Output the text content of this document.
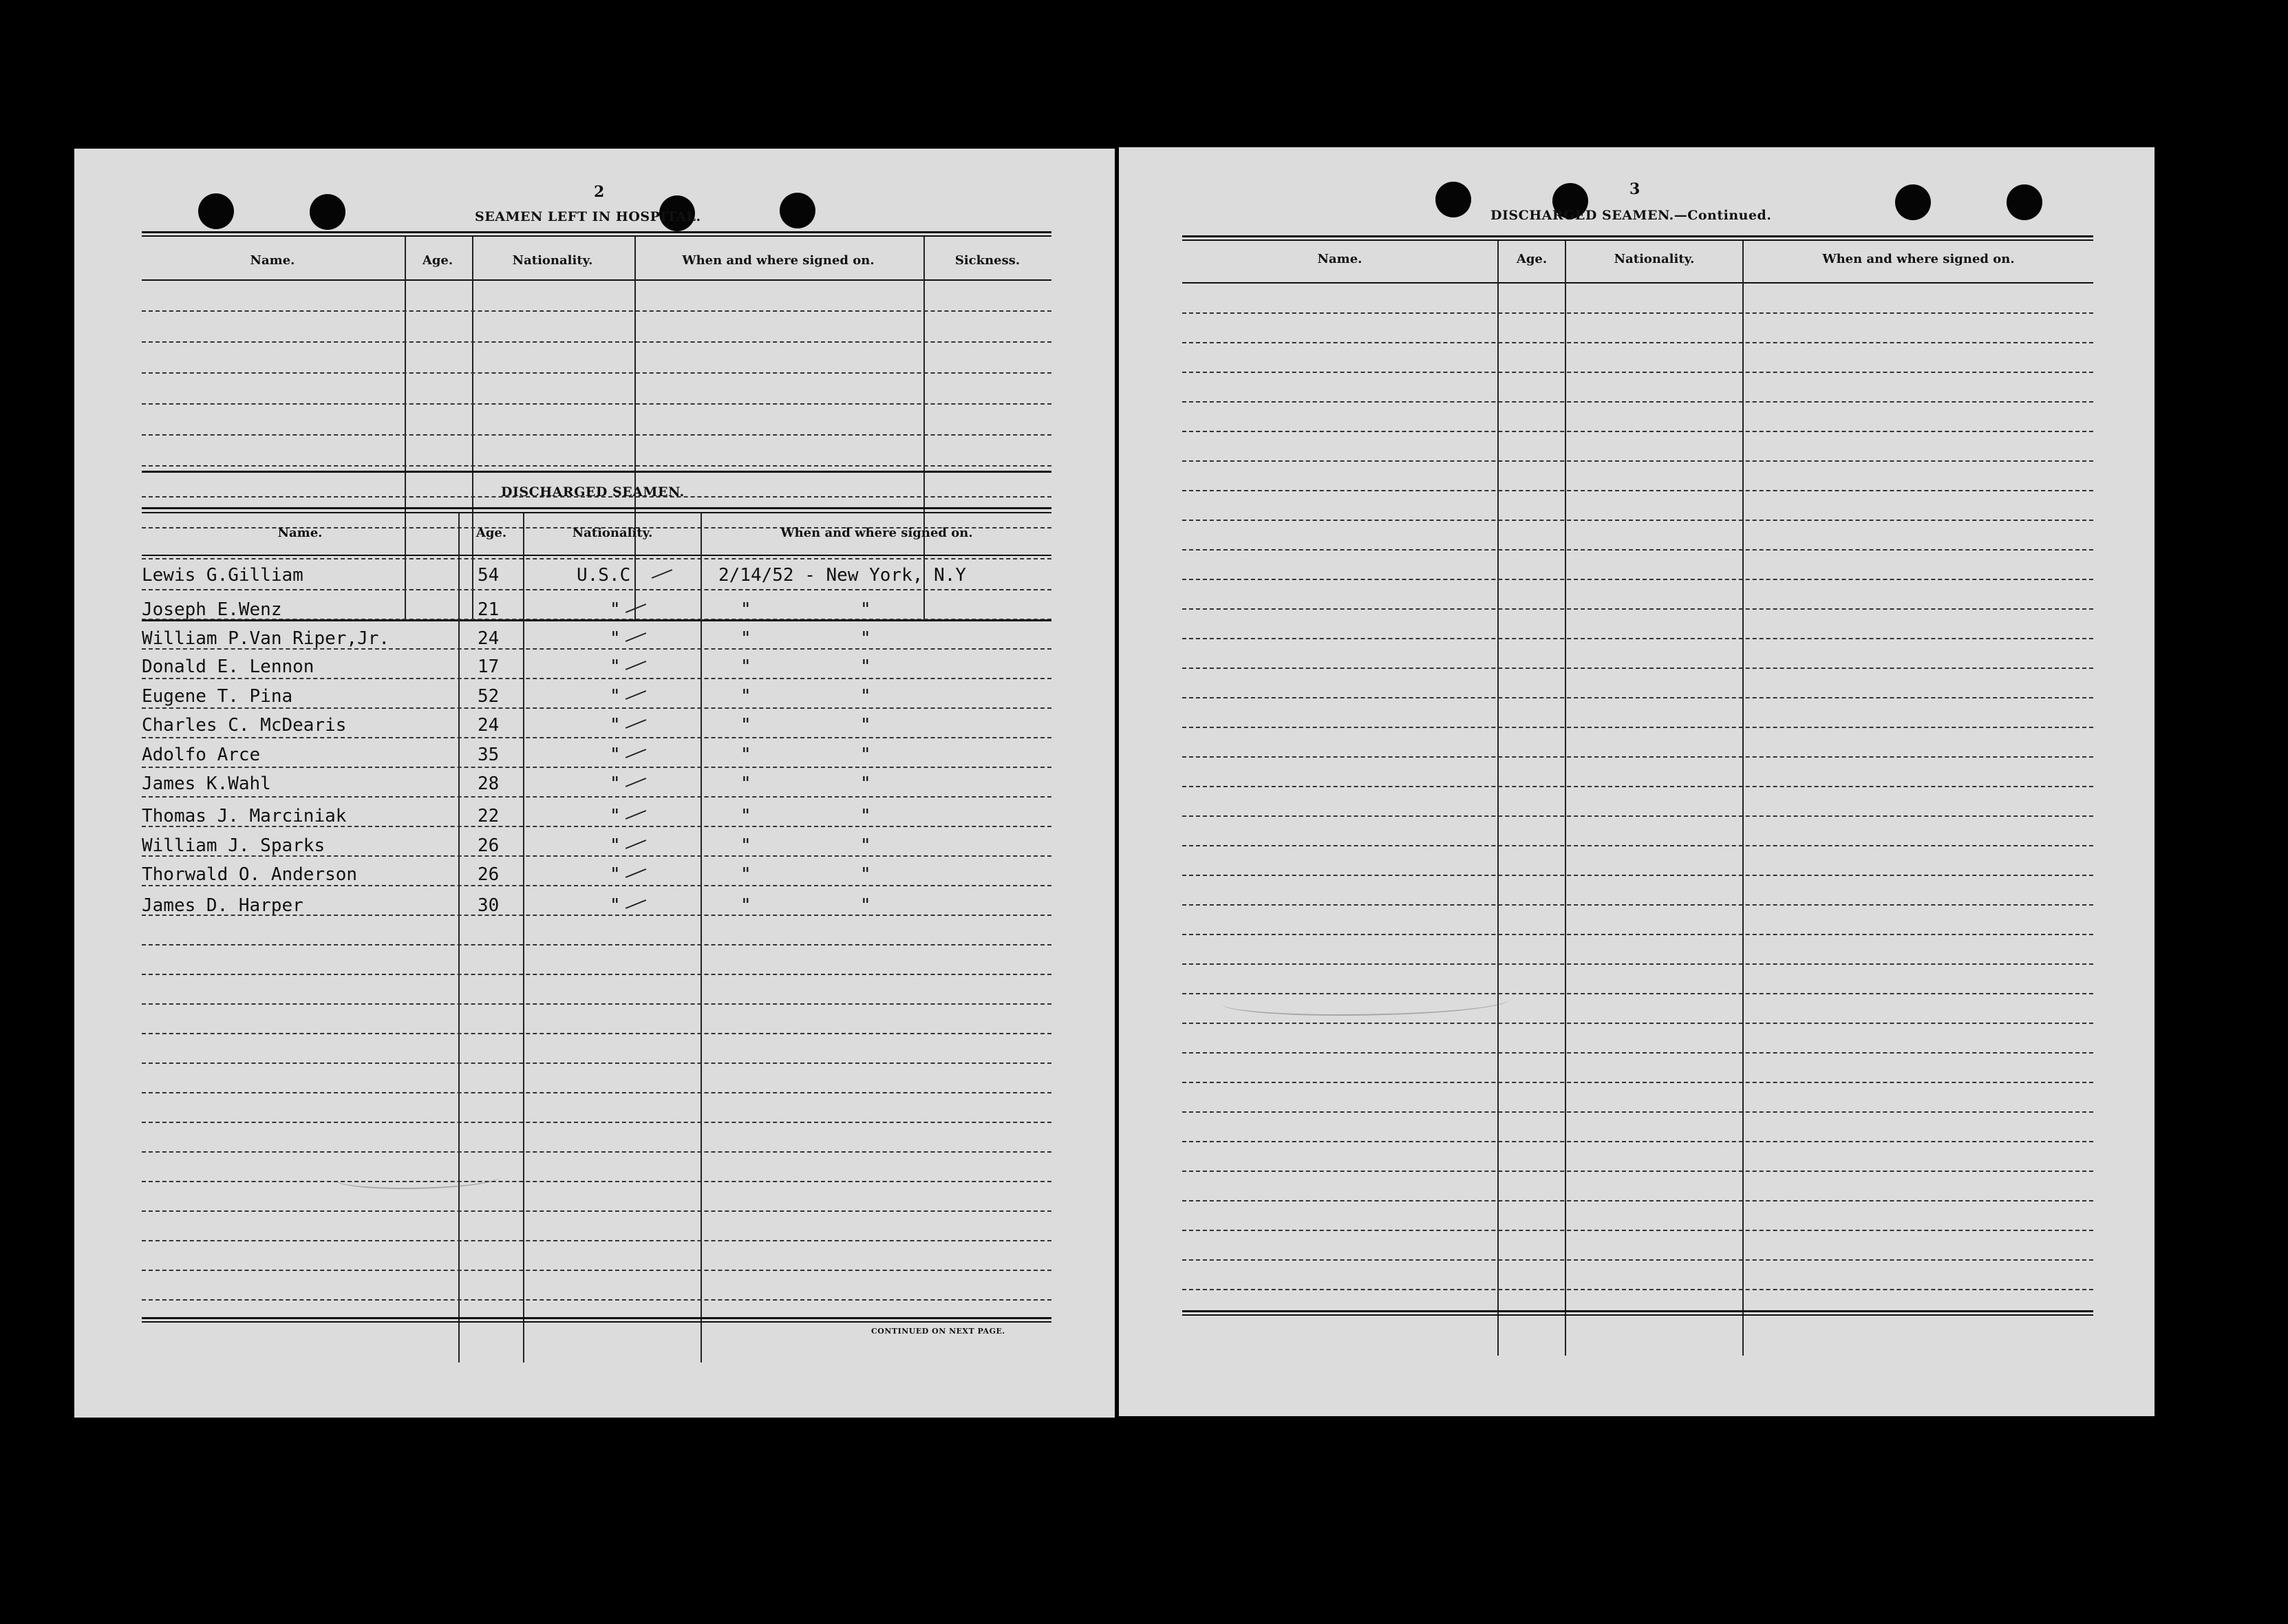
2
SEAMEN LEFT IN HOSPITAL.
Name.	Age.	Nationality.	When and where signed on.	Sickness.
DISCHARGED SEAMEN.
Name.	Age.	Nationality.	When and where signed on.
Lewis G.Gilliam	54	U.S.C	2/14/52 - New York, N.Y
Joseph E.Wenz	21	"	"	"
William P.Van Riper,Jr.	24	"	"	"
Donald E. Lennon	17	"	"	"
Eugene T. Pina	52	"	"	"
Charles C. McDearis	24	"	"	"
Adolfo Arce	35	"	"	"
James K.Wahl	28	"	"	"
Thomas J. Marciniak	22	"	"	"
William J. Sparks	26	"	"	"
Thorwald O. Anderson	26	"	"	"
James D. Harper	30	"	"	"
CONTINUED ON NEXT PAGE.
3
DISCHARGED SEAMEN.—Continued.
Name.	Age.	Nationality.	When and where signed on.
